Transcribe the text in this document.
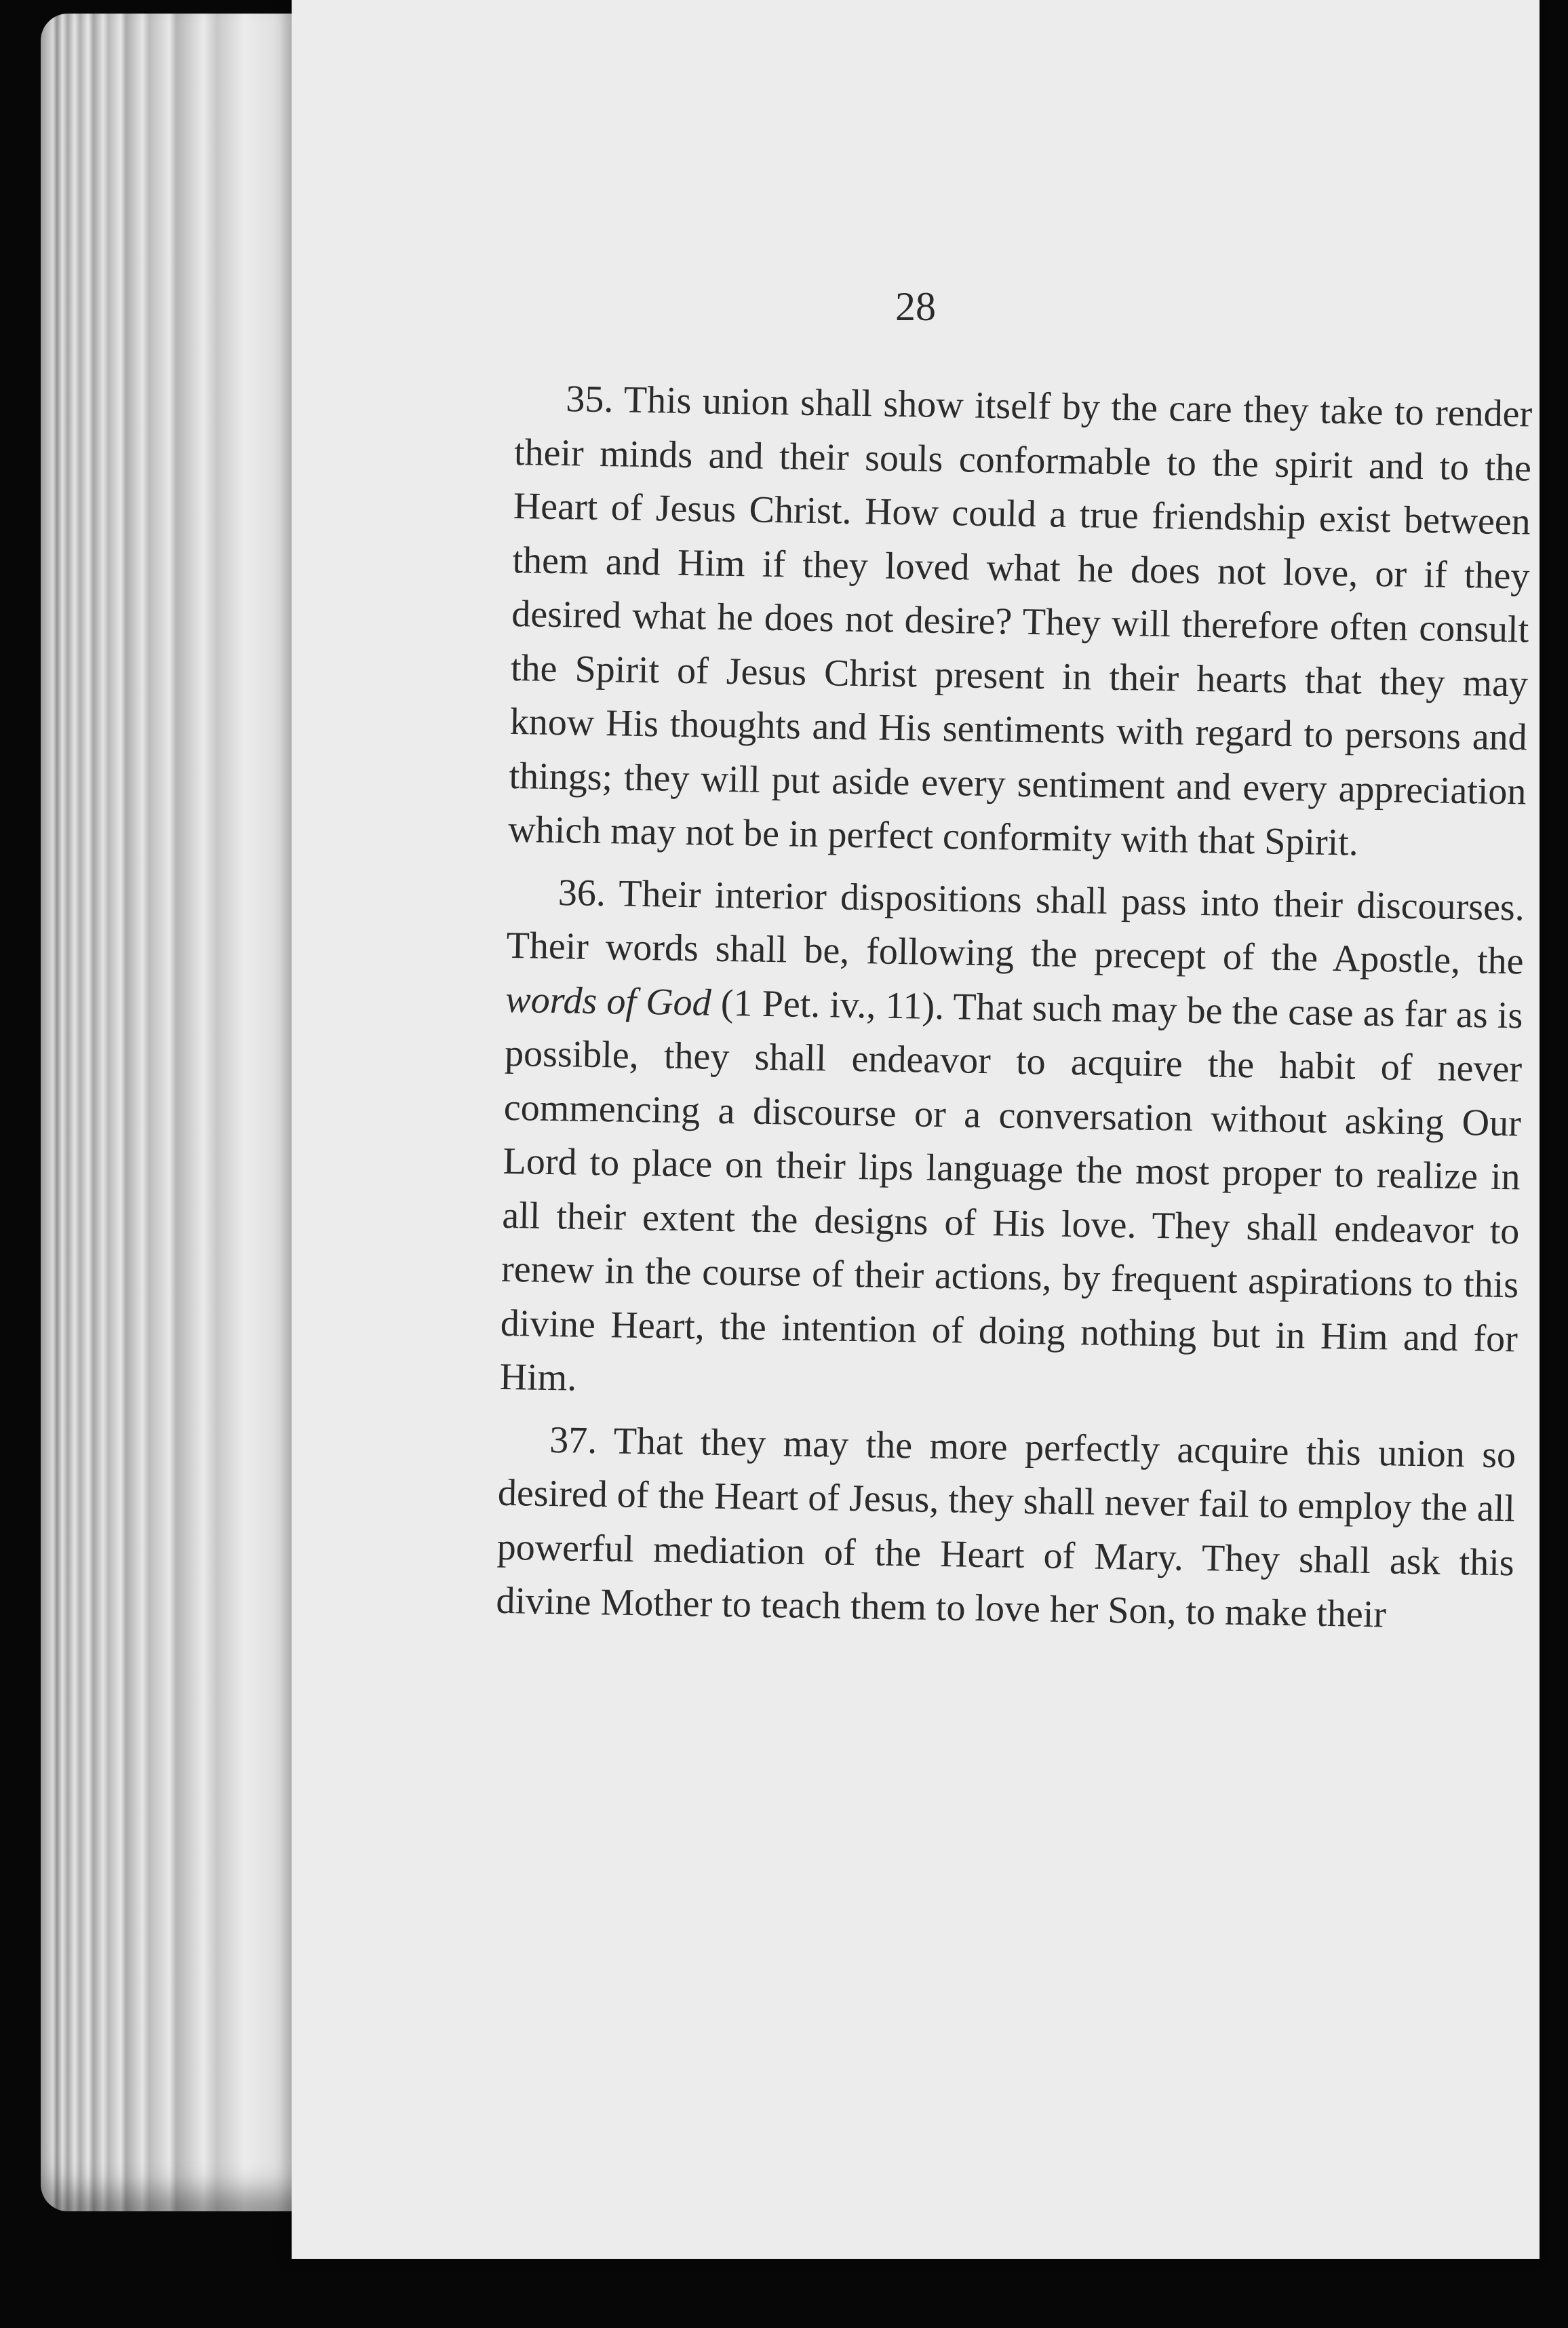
28

35. This union shall show itself by the care they take to render their minds and their souls conformable to the spirit and to the Heart of Jesus Christ. How could a true friendship exist between them and Him if they loved what he does not love, or if they desired what he does not desire? They will therefore often consult the Spirit of Jesus Christ present in their hearts that they may know His thoughts and His sentiments with regard to persons and things; they will put aside every sentiment and every appreciation which may not be in perfect conformity with that Spirit.

36. Their interior dispositions shall pass into their discourses. Their words shall be, following the precept of the Apostle, the words of God (1 Pet. iv., 11). That such may be the case as far as is possible, they shall endeavor to acquire the habit of never commencing a discourse or a conversation without asking Our Lord to place on their lips language the most proper to realize in all their extent the designs of His love. They shall endeavor to renew in the course of their actions, by frequent aspirations to this divine Heart, the intention of doing nothing but in Him and for Him.

37. That they may the more perfectly acquire this union so desired of the Heart of Jesus, they shall never fail to employ the all powerful mediation of the Heart of Mary. They shall ask this divine Mother to teach them to love her Son, to make their
